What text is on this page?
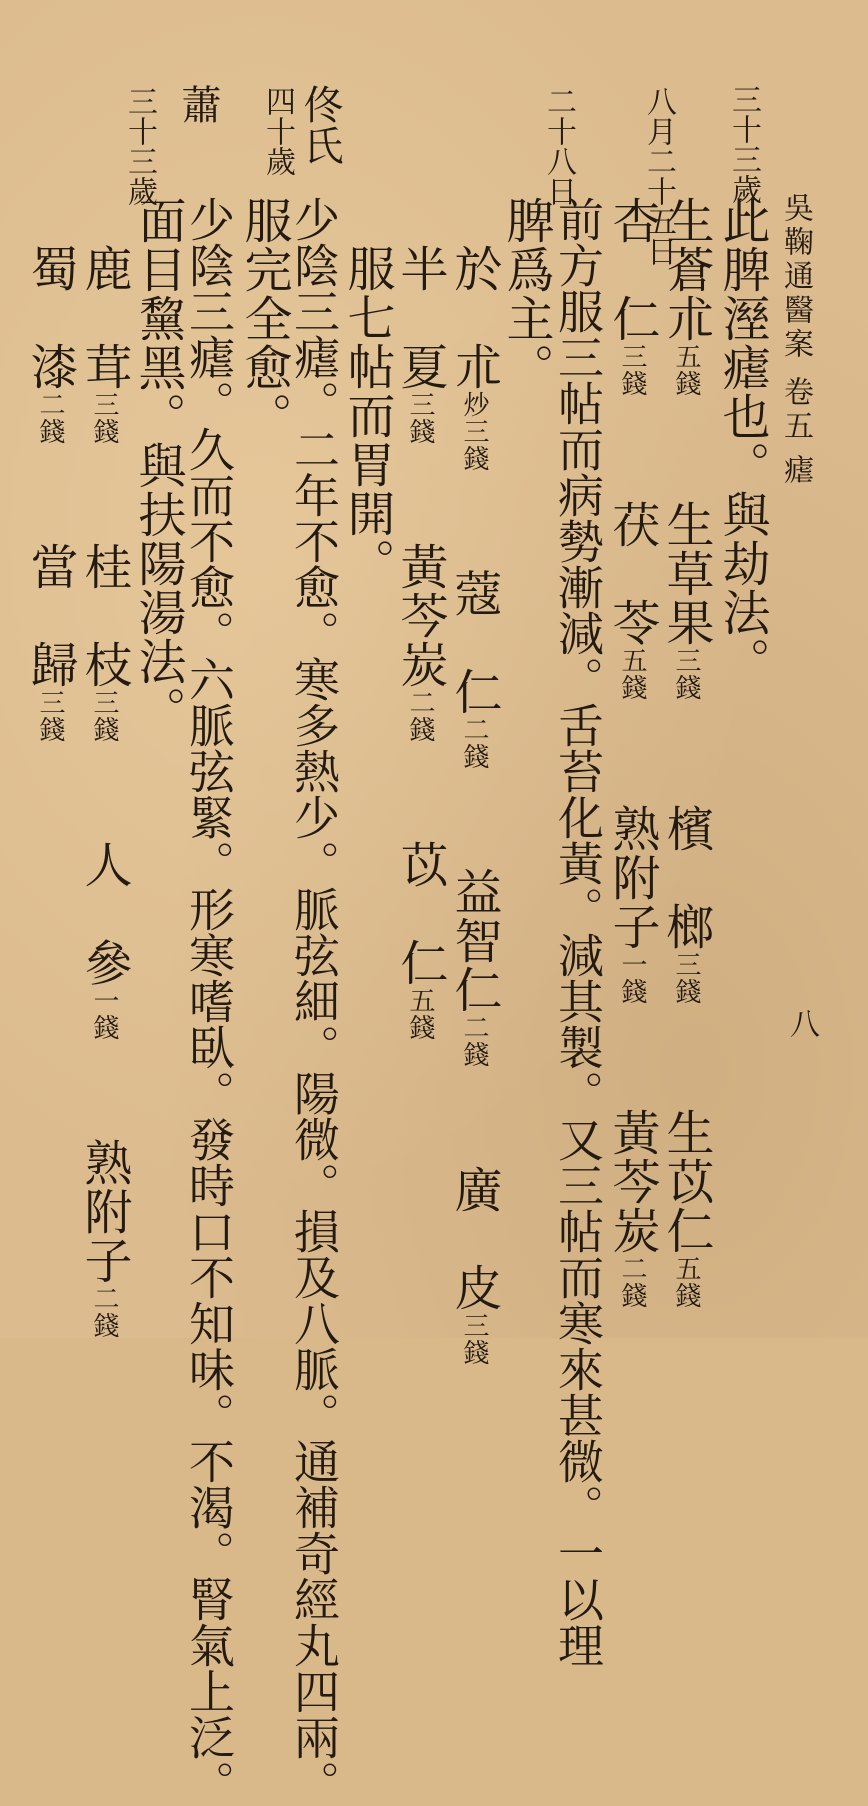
吳鞠通醫案卷五瘧
八
三十三歲
八月二十五日
二十八日
此脾溼瘧也。與劫法。
生蒼朮五錢 生草果三錢 檳　榔三錢 生苡仁五錢
杏　仁三錢 茯　苓五錢 熟附子一錢 黃芩炭二錢
前方服三帖而病勢漸減。舌苔化黃。減其製。又三帖而寒來甚微。一以理
脾爲主。
於　朮炒三錢 蔻　仁二錢 益智仁二錢 廣　皮三錢
半　夏三錢 黃芩炭二錢 苡　仁五錢
服七帖而胃開。
佟氏
四十歲
少陰三瘧。二年不愈。寒多熱少。脈弦細。陽微。損及八脈。通補奇經丸四兩。
服完全愈。
蕭
三十三歲
少陰三瘧。久而不愈。六脈弦緊。形寒嗜臥。發時口不知味。不渴。腎氣上泛。
面目黧黑。與扶陽湯法。
鹿　茸三錢 桂　枝三錢 人　參一錢 熟附子二錢
蜀　漆二錢 當　歸三錢
